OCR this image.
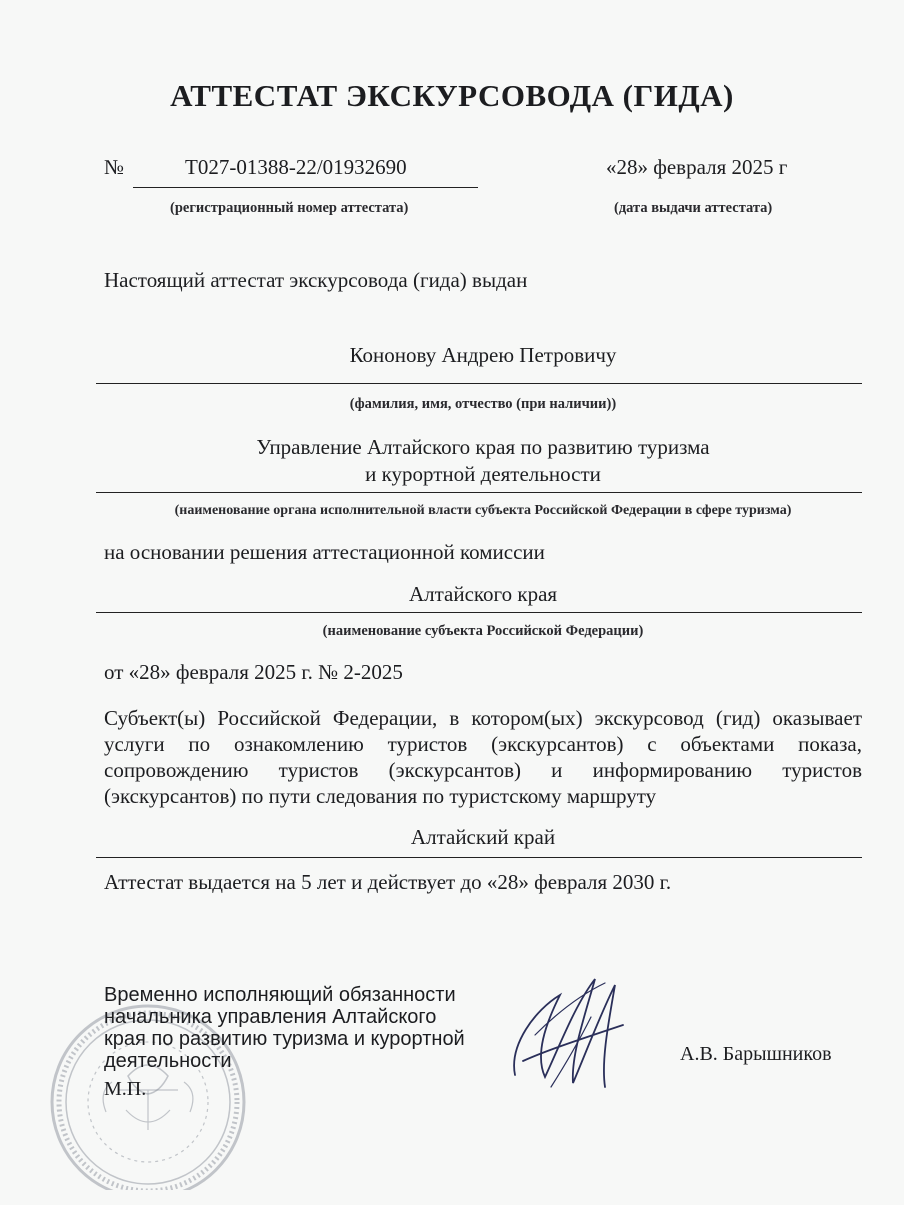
АТТЕСТАТ ЭКСКУРСОВОДА (ГИДА)
№	Т027-01388-22/01932690	«28» февраля 2025 г
(регистрационный номер аттестата)	(дата выдачи аттестата)
Настоящий аттестат экскурсовода (гида) выдан
Кононову Андрею Петровичу
(фамилия, имя, отчество (при наличии))
Управление Алтайского края по развитию туризма
и курортной деятельности
(наименование органа исполнительной власти субъекта Российской Федерации в сфере туризма)
на основании решения аттестационной комиссии
Алтайского края
(наименование субъекта Российской Федерации)
от «28» февраля 2025 г. № 2-2025
Субъект(ы) Российской Федерации, в котором(ых) экскурсовод (гид) оказывает услуги по ознакомлению туристов (экскурсантов) с объектами показа, сопровождению туристов (экскурсантов) и информированию туристов (экскурсантов) по пути следования по туристскому маршруту
Алтайский край
Аттестат выдается на 5 лет и действует до «28» февраля 2030 г.
Временно исполняющий обязанности
начальника управления Алтайского
края по развитию туризма и курортной
деятельности
М.П.
А.В. Барышников
